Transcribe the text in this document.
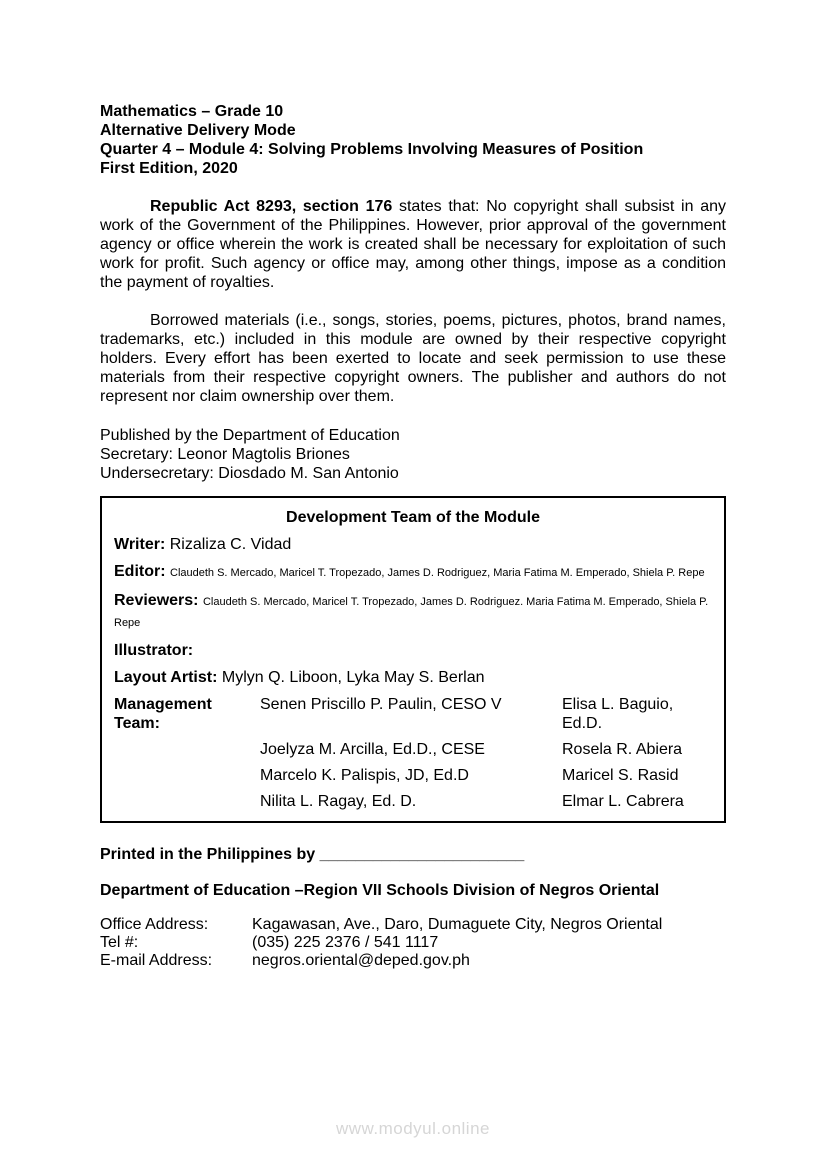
Mathematics – Grade 10
Alternative Delivery Mode
Quarter 4 – Module 4: Solving Problems Involving Measures of Position
First Edition, 2020

Republic Act 8293, section 176 states that: No copyright shall subsist in any work of the Government of the Philippines. However, prior approval of the government agency or office wherein the work is created shall be necessary for exploitation of such work for profit. Such agency or office may, among other things, impose as a condition the payment of royalties.

Borrowed materials (i.e., songs, stories, poems, pictures, photos, brand names, trademarks, etc.) included in this module are owned by their respective copyright holders. Every effort has been exerted to locate and seek permission to use these materials from their respective copyright owners. The publisher and authors do not represent nor claim ownership over them.

Published by the Department of Education
Secretary: Leonor Magtolis Briones
Undersecretary: Diosdado M. San Antonio
Development Team of the Module
Writer: Rizaliza C. Vidad
Editor: Claudeth S. Mercado, Maricel T. Tropezado, James D. Rodriguez, Maria Fatima M. Emperado, Shiela P. Repe
Reviewers: Claudeth S. Mercado, Maricel T. Tropezado, James D. Rodriguez. Maria Fatima M. Emperado, Shiela P. Repe
Illustrator:
Layout Artist: Mylyn Q. Liboon, Lyka May S. Berlan
Management Team:
Senen Priscillo P. Paulin, CESO V	Elisa L. Baguio, Ed.D.
Joelyza M. Arcilla, Ed.D., CESE	Rosela R. Abiera
Marcelo K. Palispis, JD, Ed.D	Maricel S. Rasid
Nilita L. Ragay, Ed. D.	Elmar L. Cabrera
Printed in the Philippines by _______________________
Department of Education –Region VII Schools Division of Negros Oriental
Office Address:	Kagawasan, Ave., Daro, Dumaguete City, Negros Oriental
Tel #:	(035) 225 2376 / 541 1117
E-mail Address:	negros.oriental@deped.gov.ph
www.modyul.online
